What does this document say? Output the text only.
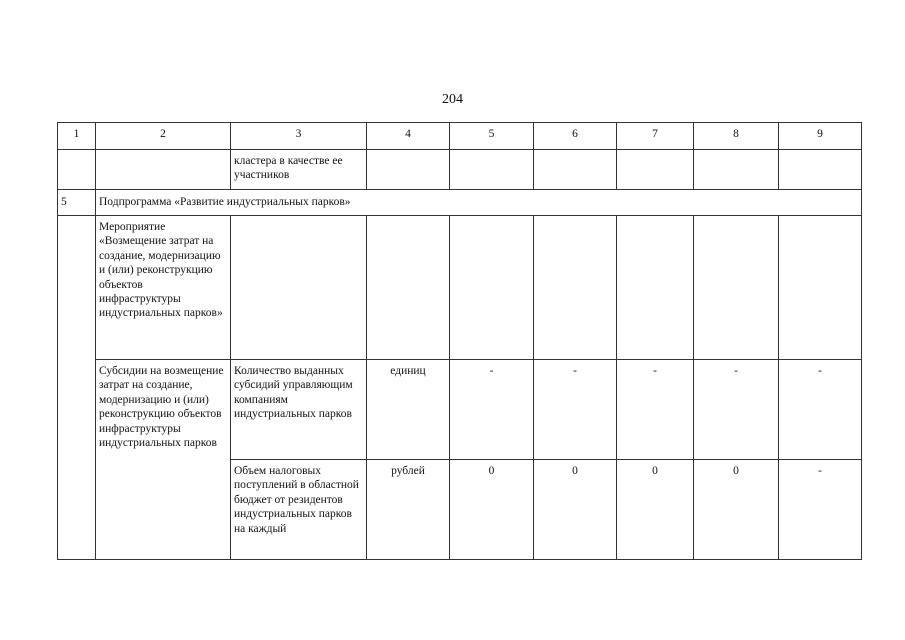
204
1	2	3	4	5	6	7	8	9
		кластера в качестве ее участников						
5	Подпрограмма «Развитие индустриальных парков»							
	Мероприятие «Возмещение затрат на создание, модернизацию и (или) реконструкцию объектов инфраструктуры индустриальных парков»							
	Субсидии на возмещение затрат на создание, модернизацию и (или) реконструкцию объектов инфраструктуры индустриальных парков	Количество выданных субсидий управляющим компаниям индустриальных парков	единиц	-	-	-	-	-
		Объем налоговых поступлений в областной бюджет от резидентов индустриальных парков на каждый	рублей	0	0	0	0	-
